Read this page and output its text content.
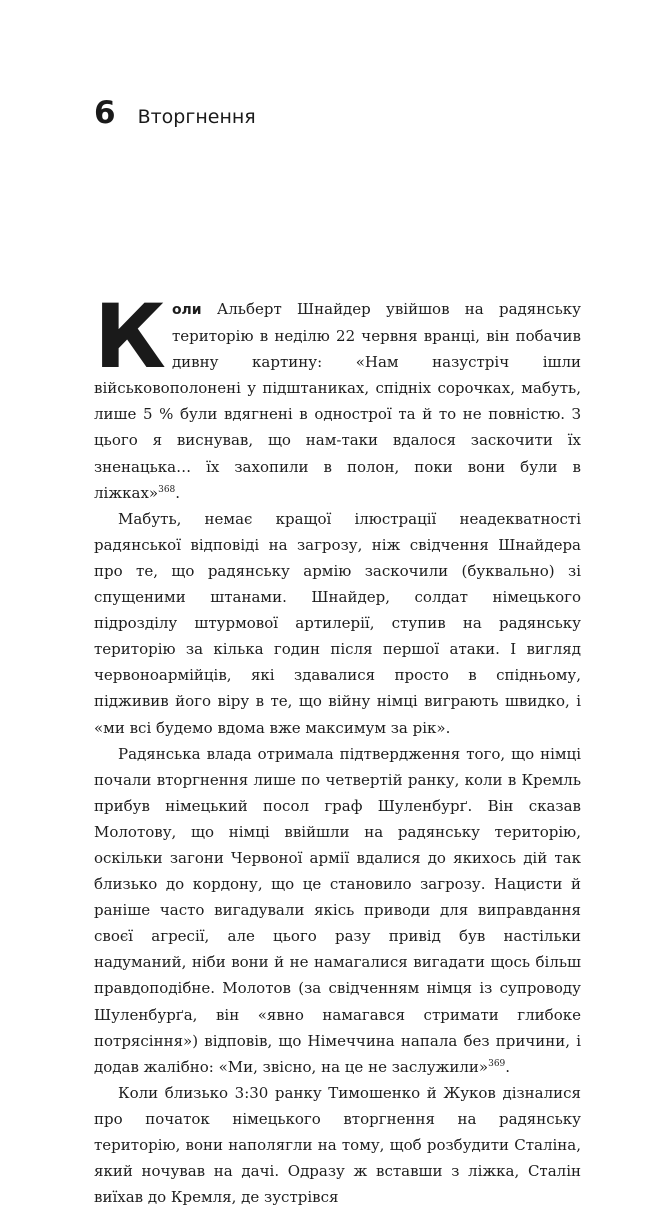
6 Вторгнення

Коли Альберт Шнайдер увійшов на радянську територію в неділю 22 червня вранці, він побачив дивну картину: «Нам назустріч ішли військовополонені у підштаниках, спідніх сорочках, мабуть, лише 5 % були вдягнені в однострої та й то не повністю. З цього я виснував, що нам-таки вдалося заскочити їх зненацька… їх захопили в полон, поки вони були в ліжках»$^{368}$.

Мабуть, немає кращої ілюстрації неадекватності радянської відповіді на загрозу, ніж свідчення Шнайдера про те, що радянську армію заскочили (буквально) зі спущеними штанами. Шнайдер, солдат німецького підрозділу штурмової артилерії, ступив на радянську територію за кілька годин після першої атаки. І вигляд червоноармійців, які здавалися просто в спідньому, підживив його віру в те, що війну німці виграють швидко, і «ми всі будемо вдома вже максимум за рік».

Радянська влада отримала підтвердження того, що німці почали вторгнення лише по четвертій ранку, коли в Кремль прибув німецький посол граф Шуленбурґ. Він сказав Молотову, що німці ввійшли на радянську територію, оскільки загони Червоної армії вдалися до якихось дій так близько до кордону, що це становило загрозу. Нацисти й раніше часто вигадували якісь приводи для виправдання своєї агресії, але цього разу привід був настільки надуманий, ніби вони й не намагалися вигадати щось більш правдоподібне. Молотов (за свідченням німця із супроводу Шуленбурґа, він «явно намагався стримати глибоке потрясіння») відповів, що Німеччина напала без причини, і додав жалібно: «Ми, звісно, на це не заслужили»$^{369}$.

Коли близько 3:30 ранку Тимошенко й Жуков дізналися про початок німецького вторгнення на радянську територію, вони наполягли на тому, щоб розбудити Сталіна, який ночував на дачі. Одразу ж вставши з ліжка, Сталін виїхав до Кремля, де зустрівся
